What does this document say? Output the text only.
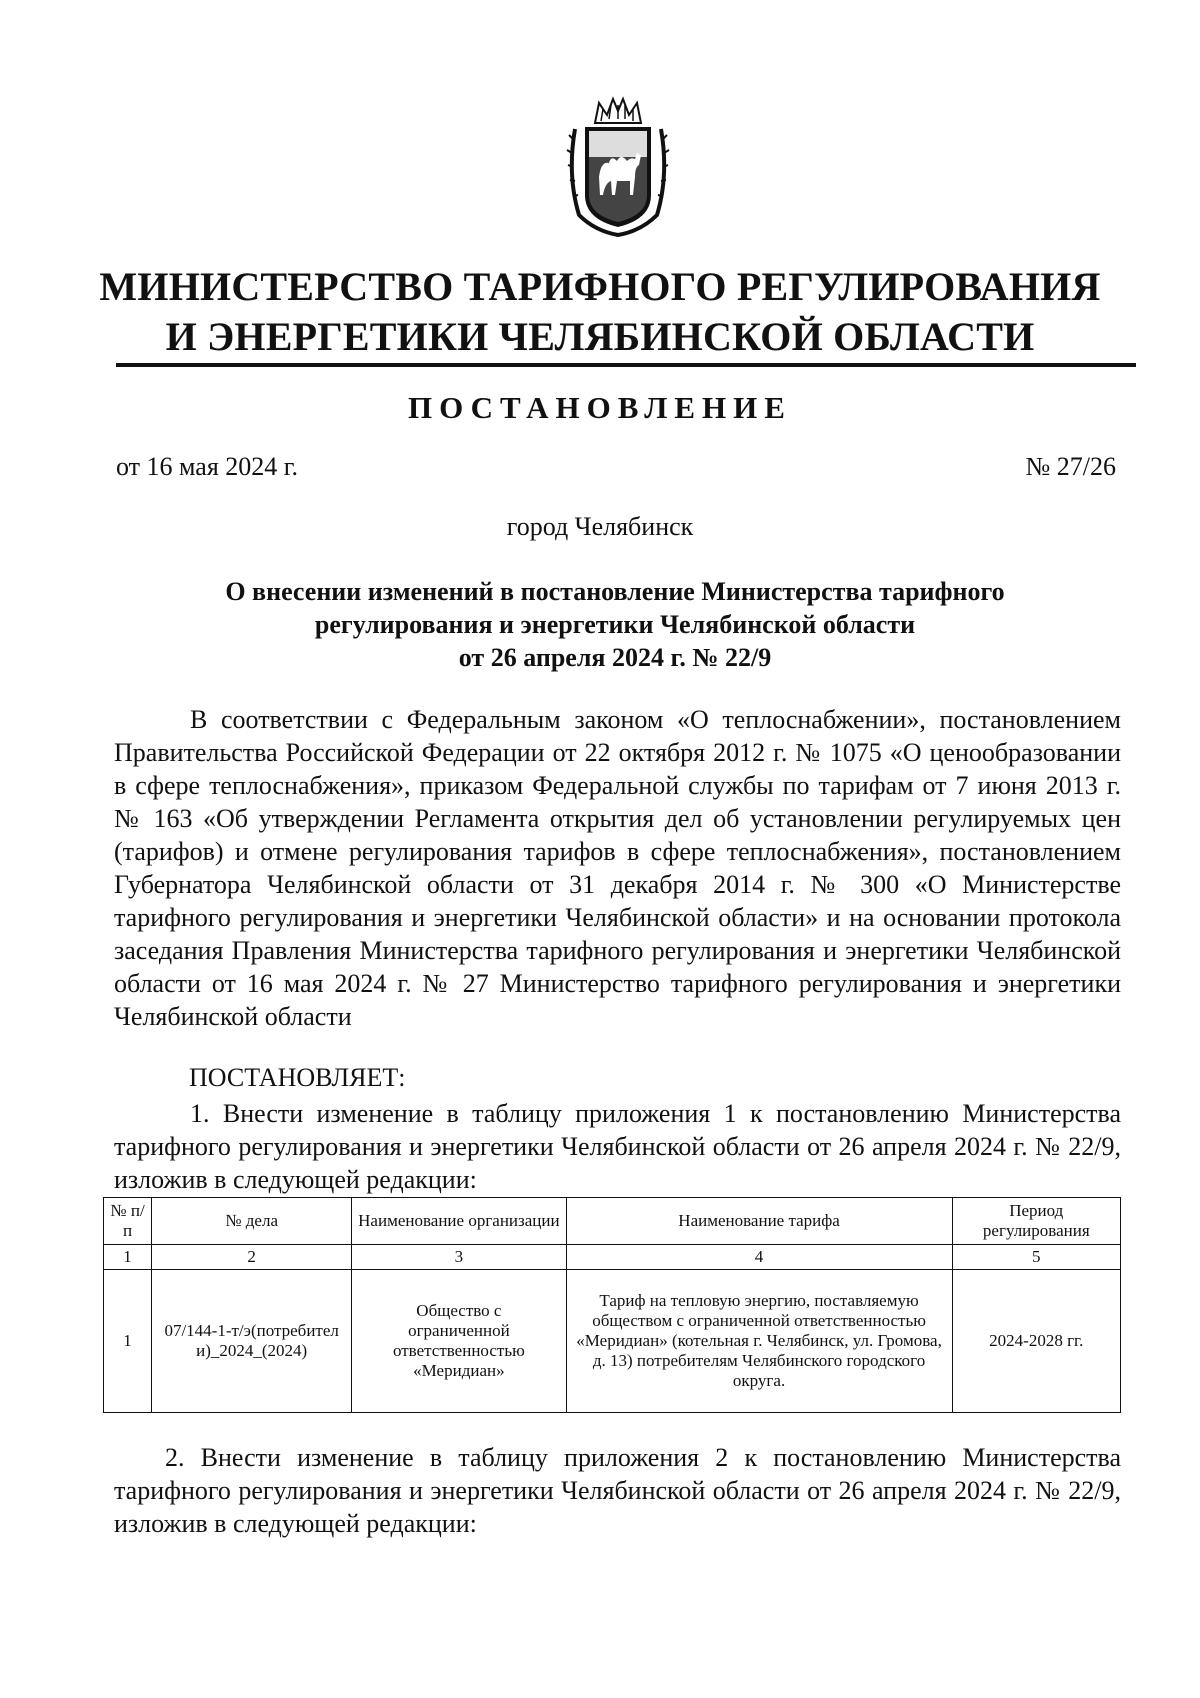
МИНИСТЕРСТВО ТАРИФНОГО РЕГУЛИРОВАНИЯ
И ЭНЕРГЕТИКИ ЧЕЛЯБИНСКОЙ ОБЛАСТИ
ПОСТАНОВЛЕНИЕ
от 16 мая 2024 г.	№ 27/26
город Челябинск
О внесении изменений в постановление Министерства тарифного
регулирования и энергетики Челябинской области
от 26 апреля 2024 г. № 22/9
В соответствии с Федеральным законом «О теплоснабжении», постановлением Правительства Российской Федерации от 22 октября 2012 г. № 1075 «О ценообразовании в сфере теплоснабжения», приказом Федеральной службы по тарифам от 7 июня 2013 г. № 163 «Об утверждении Регламента открытия дел об установлении регулируемых цен (тарифов) и отмене регулирования тарифов в сфере теплоснабжения», постановлением Губернатора Челябинской области от 31 декабря 2014 г. № 300 «О Министерстве тарифного регулирования и энергетики Челябинской области» и на основании протокола заседания Правления Министерства тарифного регулирования и энергетики Челябинской области от 16 мая 2024 г. № 27 Министерство тарифного регулирования и энергетики Челябинской области
ПОСТАНОВЛЯЕТ:
1. Внести изменение в таблицу приложения 1 к постановлению Министерства тарифного регулирования и энергетики Челябинской области от 26 апреля 2024 г. № 22/9, изложив в следующей редакции:
№ п/п	№ дела	Наименование организации	Наименование тарифа	Период регулирования
1	2	3	4	5
1	07/144-1-т/э(потребители)_2024_(2024)	Общество с ограниченной ответственностью «Меридиан»	Тариф на тепловую энергию, поставляемую обществом с ограниченной ответственностью «Меридиан» (котельная г. Челябинск, ул. Громова, д. 13) потребителям Челябинского городского округа.	2024-2028 гг.
2. Внести изменение в таблицу приложения 2 к постановлению Министерства тарифного регулирования и энергетики Челябинской области от 26 апреля 2024 г. № 22/9, изложив в следующей редакции:
